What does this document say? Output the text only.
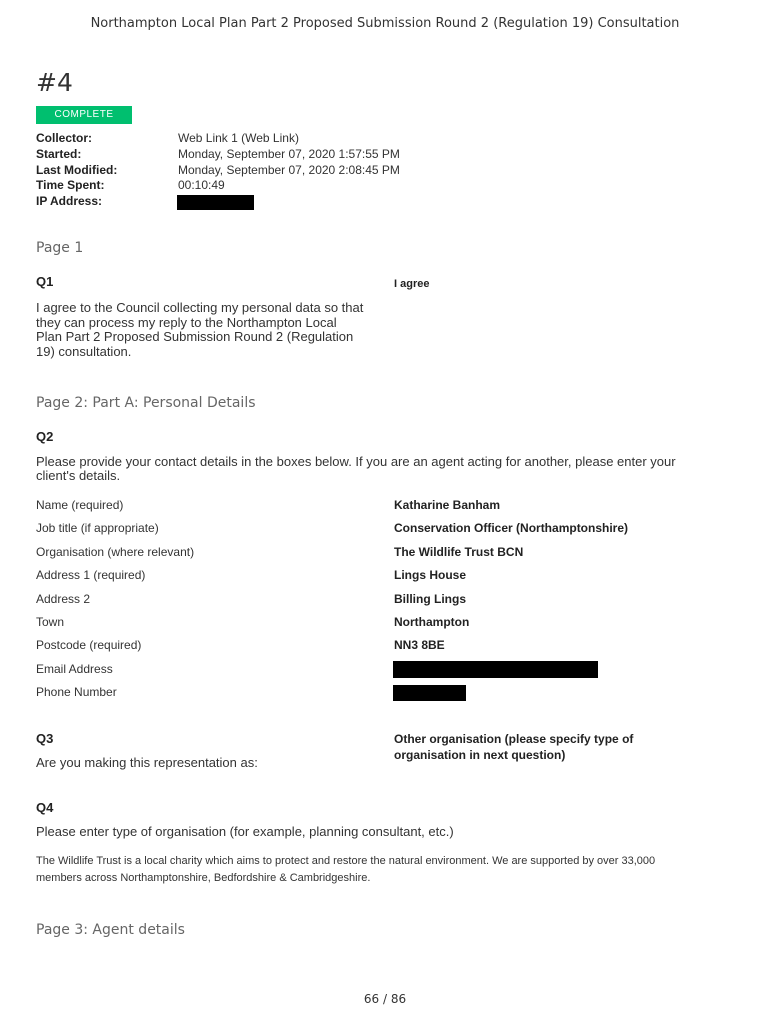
Northampton Local Plan Part 2 Proposed Submission Round 2 (Regulation 19) Consultation
#4
COMPLETE
Collector:	Web Link 1 (Web Link)
Started:	Monday, September 07, 2020 1:57:55 PM
Last Modified:	Monday, September 07, 2020 2:08:45 PM
Time Spent:	00:10:49
IP Address:
Page 1
Q1	I agree
I agree to the Council collecting my personal data so that
they can process my reply to the Northampton Local
Plan Part 2 Proposed Submission Round 2 (Regulation
19) consultation.
Page 2: Part A: Personal Details
Q2
Please provide your contact details in the boxes below. If you are an agent acting for another, please enter your
client's details.
Name (required)	Katharine Banham
Job title (if appropriate)	Conservation Officer (Northamptonshire)
Organisation (where relevant)	The Wildlife Trust BCN
Address 1 (required)	Lings House
Address 2	Billing Lings
Town	Northampton
Postcode (required)	NN3 8BE
Email Address
Phone Number
Q3	Other organisation (please specify type of
organisation in next question)
Are you making this representation as:
Q4
Please enter type of organisation (for example, planning consultant, etc.)
The Wildlife Trust is a local charity which aims to protect and restore the natural environment. We are supported by over 33,000
members across Northamptonshire, Bedfordshire & Cambridgeshire.
Page 3: Agent details
66 / 86
